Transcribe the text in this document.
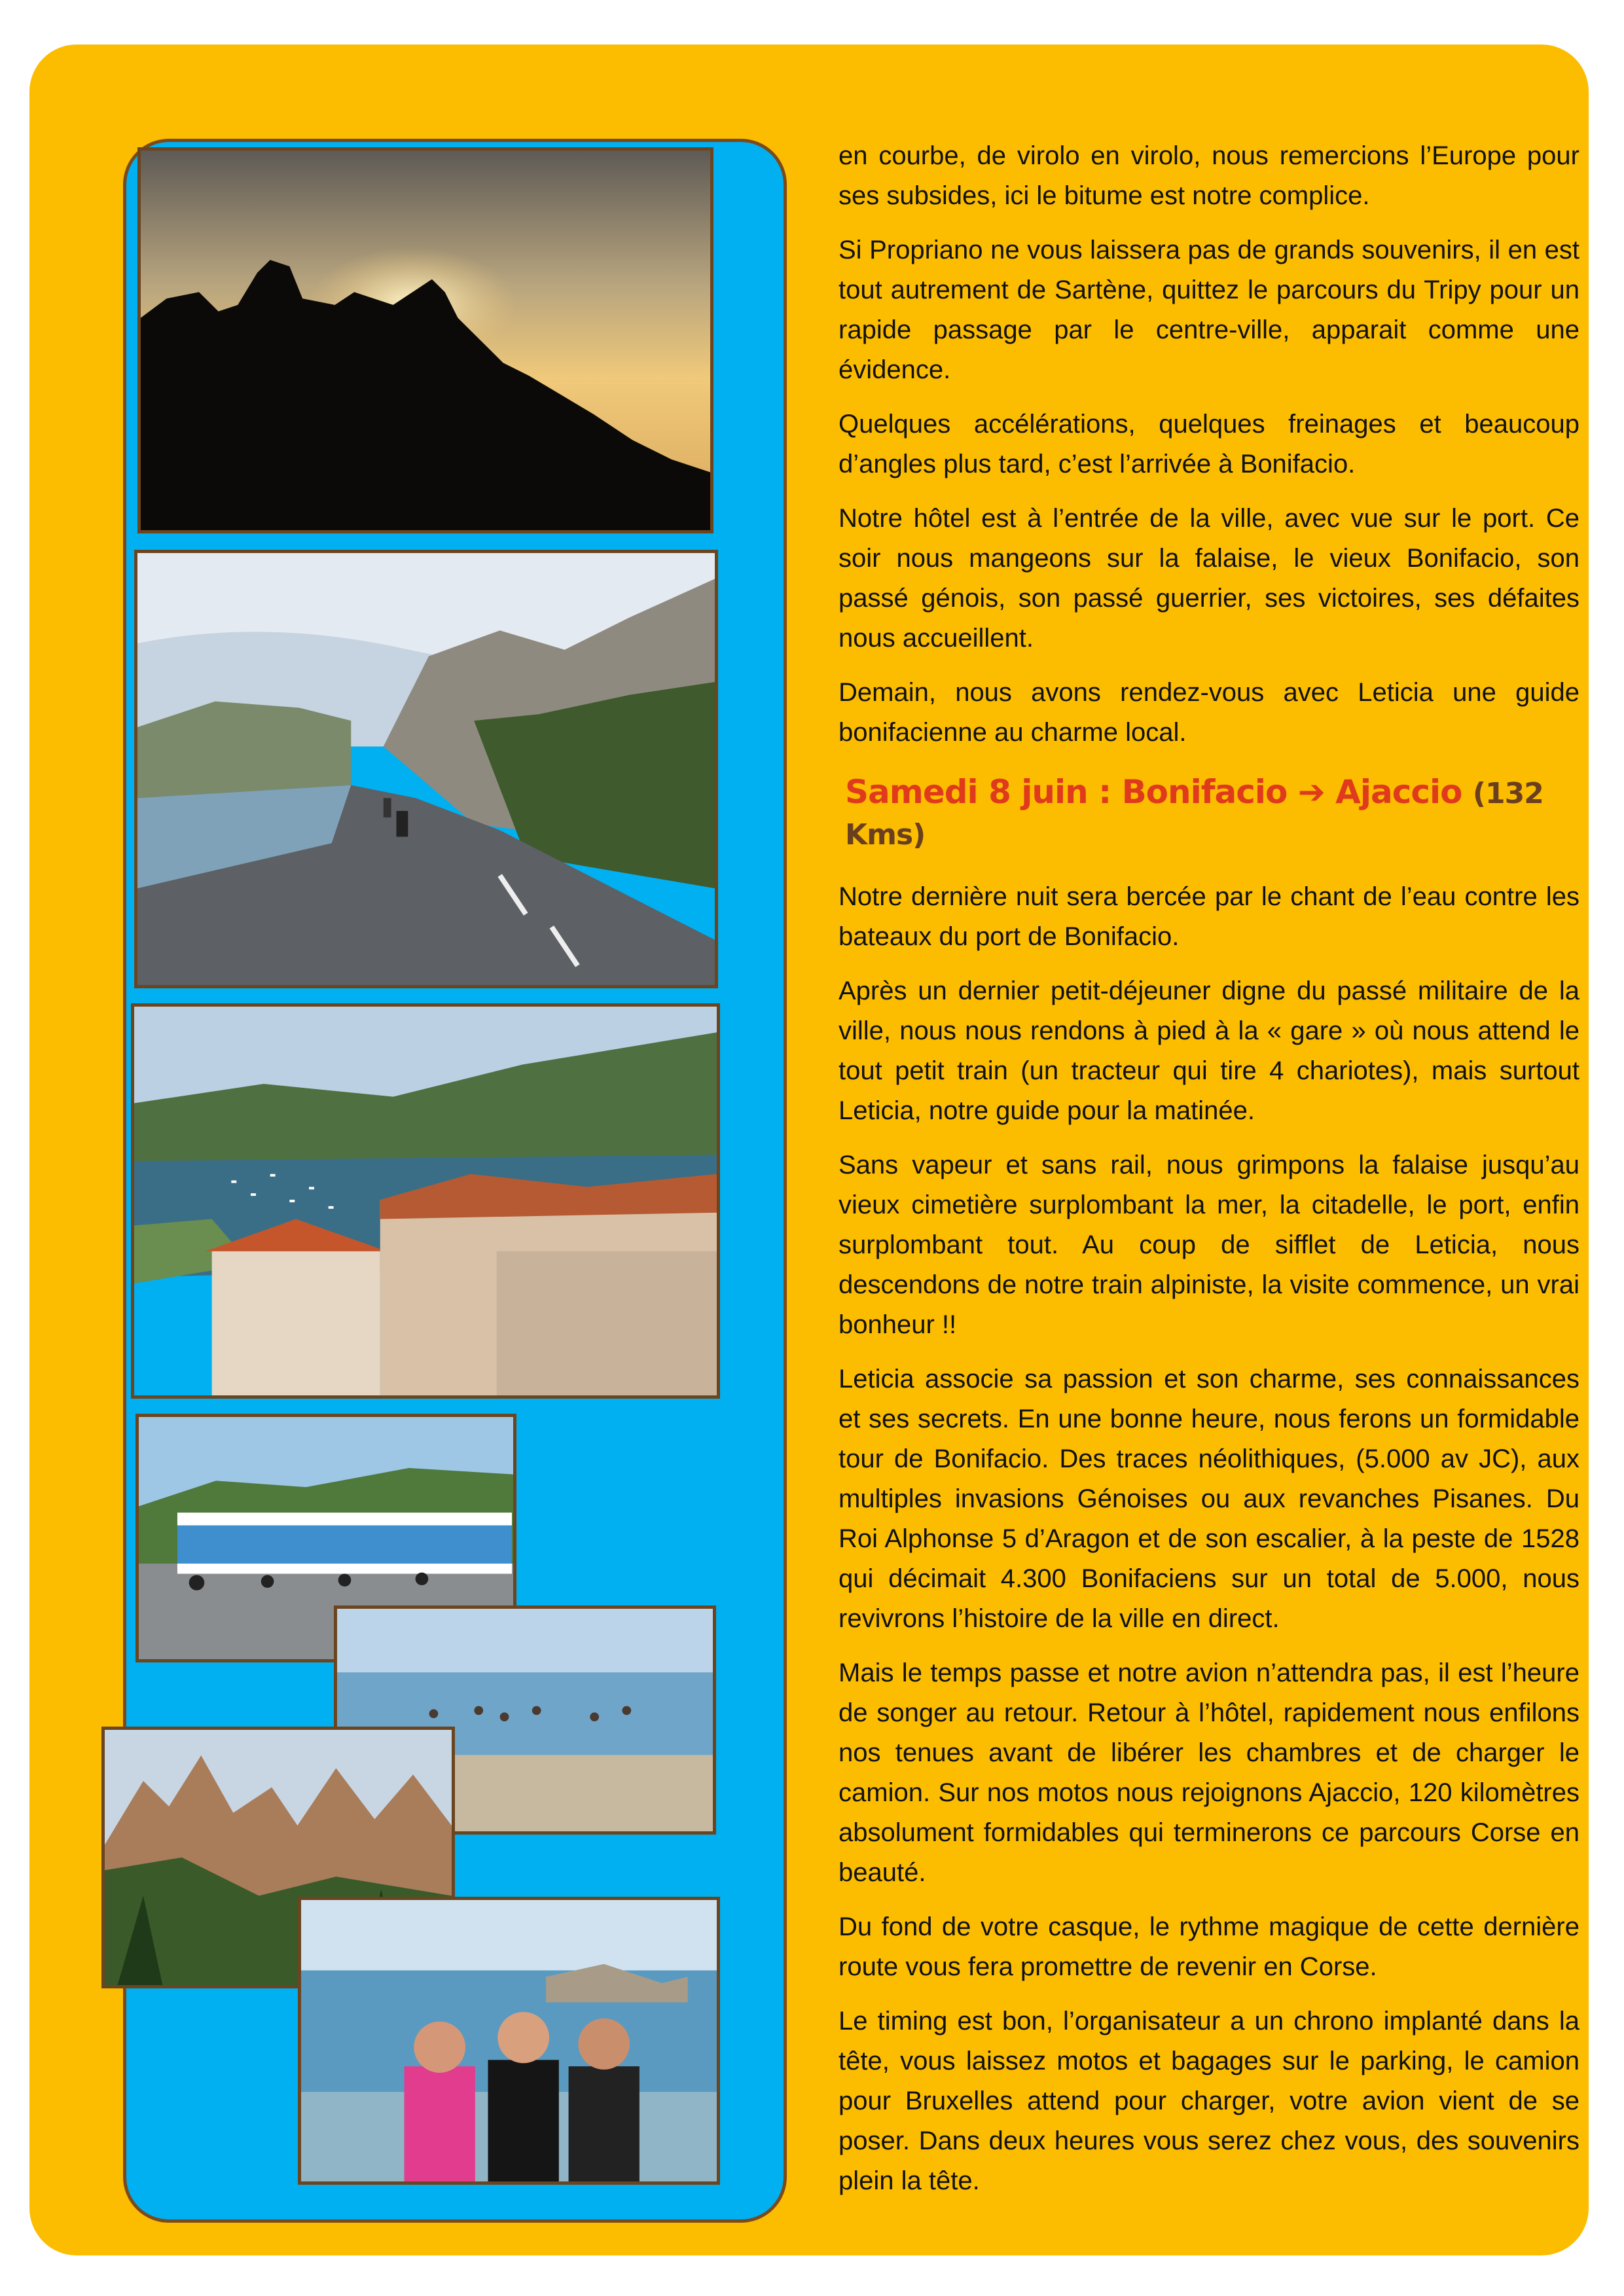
en courbe, de virolo en virolo, nous remercions l’Europe pour ses subsides, ici le bitume est notre complice.

Si Propriano ne vous laissera pas de grands souvenirs, il en est tout autrement de Sartène, quittez le parcours du Tripy pour un rapide passage par le centre-ville, apparait comme une évidence.

Quelques accélérations, quelques freinages et beaucoup d’angles plus tard, c’est l’arrivée à Bonifacio.

Notre hôtel est à l’entrée de la ville, avec vue sur le port. Ce soir nous mangeons sur la falaise, le vieux Bonifacio, son passé génois, son passé guerrier, ses victoires, ses défaites nous accueillent.

Demain, nous avons rendez-vous avec Leticia une guide bonifacienne au charme local.

Samedi 8 juin : Bonifacio ➔ Ajaccio (132 Kms)

Notre dernière nuit sera bercée par le chant de l’eau contre les bateaux du port de Bonifacio.

Après un dernier petit-déjeuner digne du passé militaire de la ville, nous nous rendons à pied à la « gare » où nous attend le tout petit train (un tracteur qui tire 4 chariotes), mais surtout Leticia, notre guide pour la matinée.

Sans vapeur et sans rail, nous grimpons la falaise jusqu’au vieux cimetière surplombant la mer, la citadelle, le port, enfin surplombant tout. Au coup de sifflet de Leticia, nous descendons de notre train alpiniste, la visite commence, un vrai bonheur !!

Leticia associe sa passion et son charme, ses connaissances et ses secrets. En une bonne heure, nous ferons un formidable tour de Bonifacio. Des traces néolithiques, (5.000 av JC), aux multiples invasions Génoises ou aux revanches Pisanes. Du Roi Alphonse 5 d’Aragon et de son escalier, à la peste de 1528 qui décimait 4.300 Bonifaciens sur un total de 5.000, nous revivrons l’histoire de la ville en direct.

Mais le temps passe et notre avion n’attendra pas, il est l’heure de songer au retour. Retour à l’hôtel, rapidement nous enfilons nos tenues avant de libérer les chambres et de charger le camion. Sur nos motos nous rejoignons Ajaccio, 120 kilomètres absolument formidables qui terminerons ce parcours Corse en beauté.

Du fond de votre casque, le rythme magique de cette dernière route vous fera promettre de revenir en Corse.

Le timing est bon, l’organisateur a un chrono implanté dans la tête, vous laissez motos et bagages sur le parking, le camion pour Bruxelles attend pour charger, votre avion vient de se poser. Dans deux heures vous serez chez vous, des souvenirs plein la tête.
